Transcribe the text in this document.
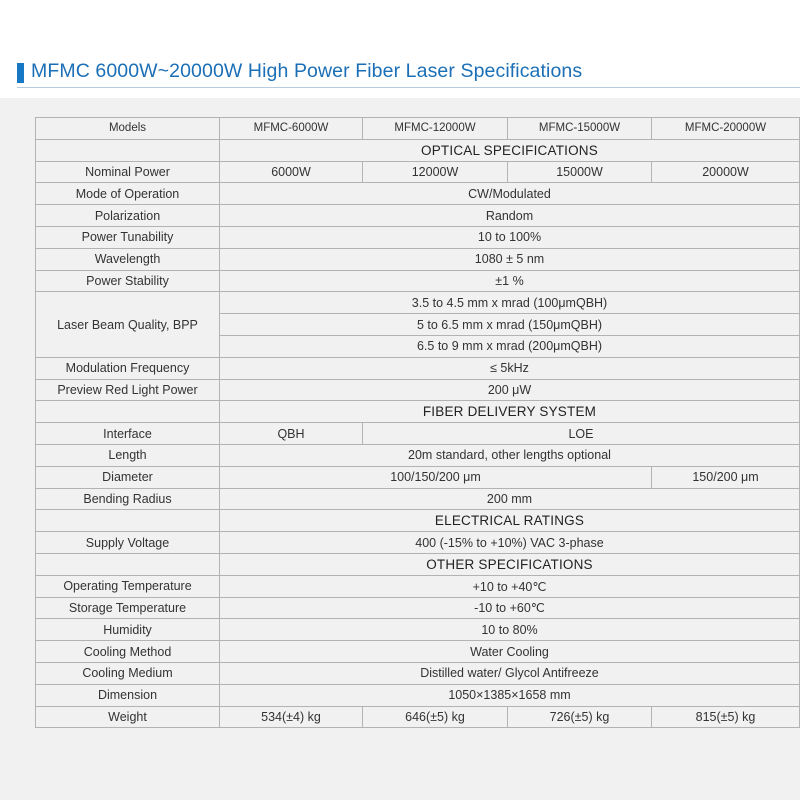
MFMC 6000W~20000W High Power Fiber Laser Specifications
Models	MFMC-6000W	MFMC-12000W	MFMC-15000W	MFMC-20000W
	OPTICAL SPECIFICATIONS			
Nominal Power	6000W	12000W	15000W	20000W
Mode of Operation	CW/Modulated			
Polarization	Random			
Power Tunability	10 to 100%			
Wavelength	1080 ± 5 nm			
Power Stability	±1 %			
Laser Beam Quality, BPP	3.5 to 4.5 mm x mrad (100μmQBH)			
	5 to 6.5 mm x mrad (150μmQBH)			
	6.5 to 9 mm x mrad (200μmQBH)			
Modulation Frequency	≤ 5kHz			
Preview Red Light Power	200 μW			
	FIBER DELIVERY SYSTEM			
Interface	QBH	LOE		
Length	20m standard, other lengths optional			
Diameter	100/150/200 μm			150/200 μm
Bending Radius	200 mm			
	ELECTRICAL RATINGS			
Supply Voltage	400 (-15% to +10%) VAC 3-phase			
	OTHER SPECIFICATIONS			
Operating Temperature	+10 to +40℃			
Storage Temperature	-10 to +60℃			
Humidity	10 to 80%			
Cooling Method	Water Cooling			
Cooling Medium	Distilled water/ Glycol Antifreeze			
Dimension	1050×1385×1658 mm			
Weight	534(±4) kg	646(±5) kg	726(±5) kg	815(±5) kg
